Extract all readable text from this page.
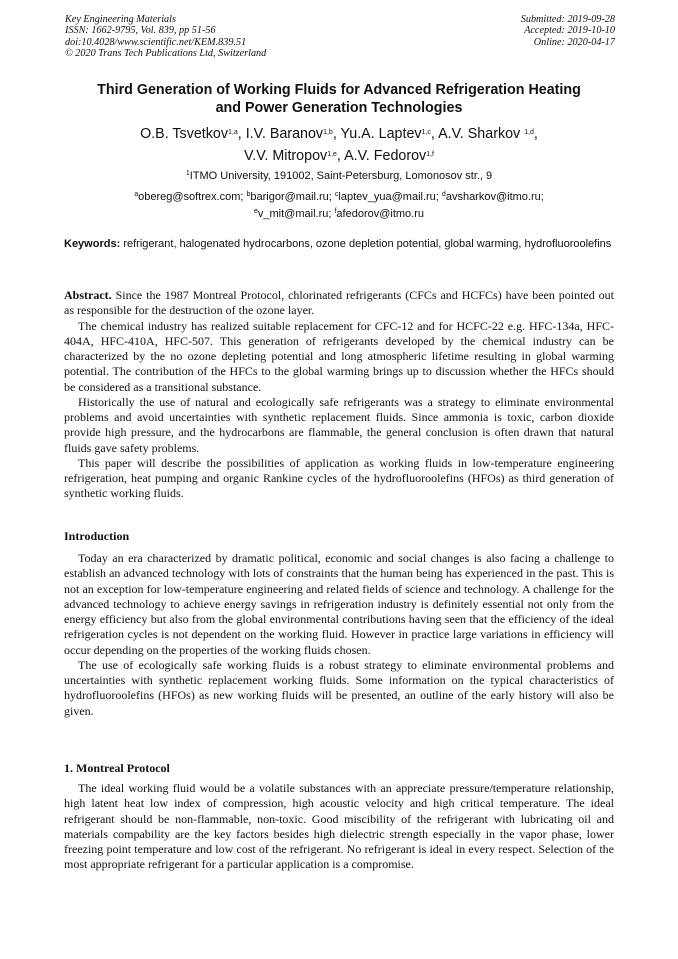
Key Engineering Materials
ISSN: 1662-9795, Vol. 839, pp 51-56
doi:10.4028/www.scientific.net/KEM.839.51
© 2020 Trans Tech Publications Ltd, Switzerland
Submitted: 2019-09-28
Accepted: 2019-10-10
Online: 2020-04-17
Third Generation of Working Fluids for Advanced Refrigeration Heating
and Power Generation Technologies
O.B. Tsvetkov$^{1,a}$, I.V. Baranov$^{1,b}$, Yu.A. Laptev$^{1,c}$, A.V. Sharkov $^{1,d}$,
V.V. Mitropov$^{1,e}$, A.V. Fedorov$^{1,f}$
$^1$ITMO University, 191002, Saint-Petersburg, Lomonosov str., 9
$^a$obereg@softrex.com; $^b$barigor@mail.ru; $^c$laptev_yua@mail.ru; $^d$avsharkov@itmo.ru;
$^e$v_mit@mail.ru; $^f$afedorov@itmo.ru
Keywords: refrigerant, halogenated hydrocarbons, ozone depletion potential, global warming, hydrofluoroolefins

Abstract. Since the 1987 Montreal Protocol, chlorinated refrigerants (CFCs and HCFCs) have been pointed out as responsible for the destruction of the ozone layer.

The chemical industry has realized suitable replacement for CFC-12 and for HCFC-22 e.g. HFC-134a, HFC-404A, HFC-410A, HFC-507. This generation of refrigerants developed by the chemical industry can be characterized by the no ozone depleting potential and long atmospheric lifetime resulting in global warming potential. The contribution of the HFCs to the global warming brings up to discussion whether the HFCs should be considered as a transitional substance.

Historically the use of natural and ecologically safe refrigerants was a strategy to eliminate environmental problems and avoid uncertainties with synthetic replacement fluids. Since ammonia is toxic, carbon dioxide provide high pressure, and the hydrocarbons are flammable, the general conclusion is often drawn that natural fluids gave safety problems.

This paper will describe the possibilities of application as working fluids in low-temperature engineering refrigeration, heat pumping and organic Rankine cycles of the hydrofluoroolefins (HFOs) as third generation of synthetic working fluids.

Introduction

Today an era characterized by dramatic political, economic and social changes is also facing a challenge to establish an advanced technology with lots of constraints that the human being has experienced in the past. This is not an exception for low-temperature engineering and related fields of science and technology. A challenge for the advanced technology to achieve energy savings in refrigeration industry is definitely essential not only from the energy efficiency but also from the global environmental contributions having seen that the efficiency of the ideal refrigeration cycles is not dependent on the working fluid. However in practice large variations in efficiency will occur depending on the properties of the working fluids chosen.

The use of ecologically safe working fluids is a robust strategy to eliminate environmental problems and uncertainties with synthetic replacement working fluids. Some information on the typical characteristics of hydrofluoroolefins (HFOs) as new working fluids will be presented, an outline of the early history will also be given.

1. Montreal Protocol

The ideal working fluid would be a volatile substances with an appreciate pressure/temperature relationship, high latent heat low index of compression, high acoustic velocity and high critical temperature. The ideal refrigerant should be non-flammable, non-toxic. Good miscibility of the refrigerant with lubricating oil and materials compability are the key factors besides high dielectric strength especially in the vapor phase, lower freezing point temperature and low cost of the refrigerant. No refrigerant is ideal in every respect. Selection of the most appropriate refrigerant for a particular application is a compromise.
